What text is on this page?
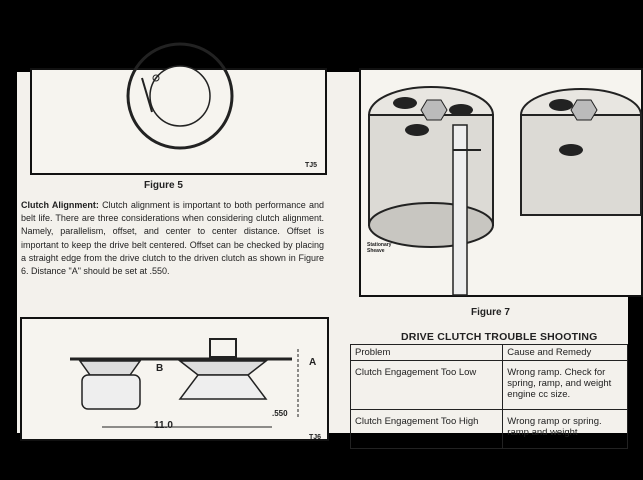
TJ5
Figure 5
Clutch Alignment: Clutch alignment is important to both performance and belt life. There are three considerations when considering clutch alignment. Namely, parallelism, offset, and center to center distance. Offset is important to keep the drive belt centered. Offset can be checked by placing a straight edge from the drive clutch to the driven clutch as shown in Figure 6. Distance "A" should be set at .550.
B
A
.550
11.0
TJ6
Stationary Sheave
Figure 7
DRIVE CLUTCH TROUBLE SHOOTING
Problem	Cause and Remedy
Clutch Engagement Too Low	Wrong ramp. Check for spring, ramp, and weight engine cc size.
Clutch Engagement Too High	Wrong ramp or spring. ramp and weight
